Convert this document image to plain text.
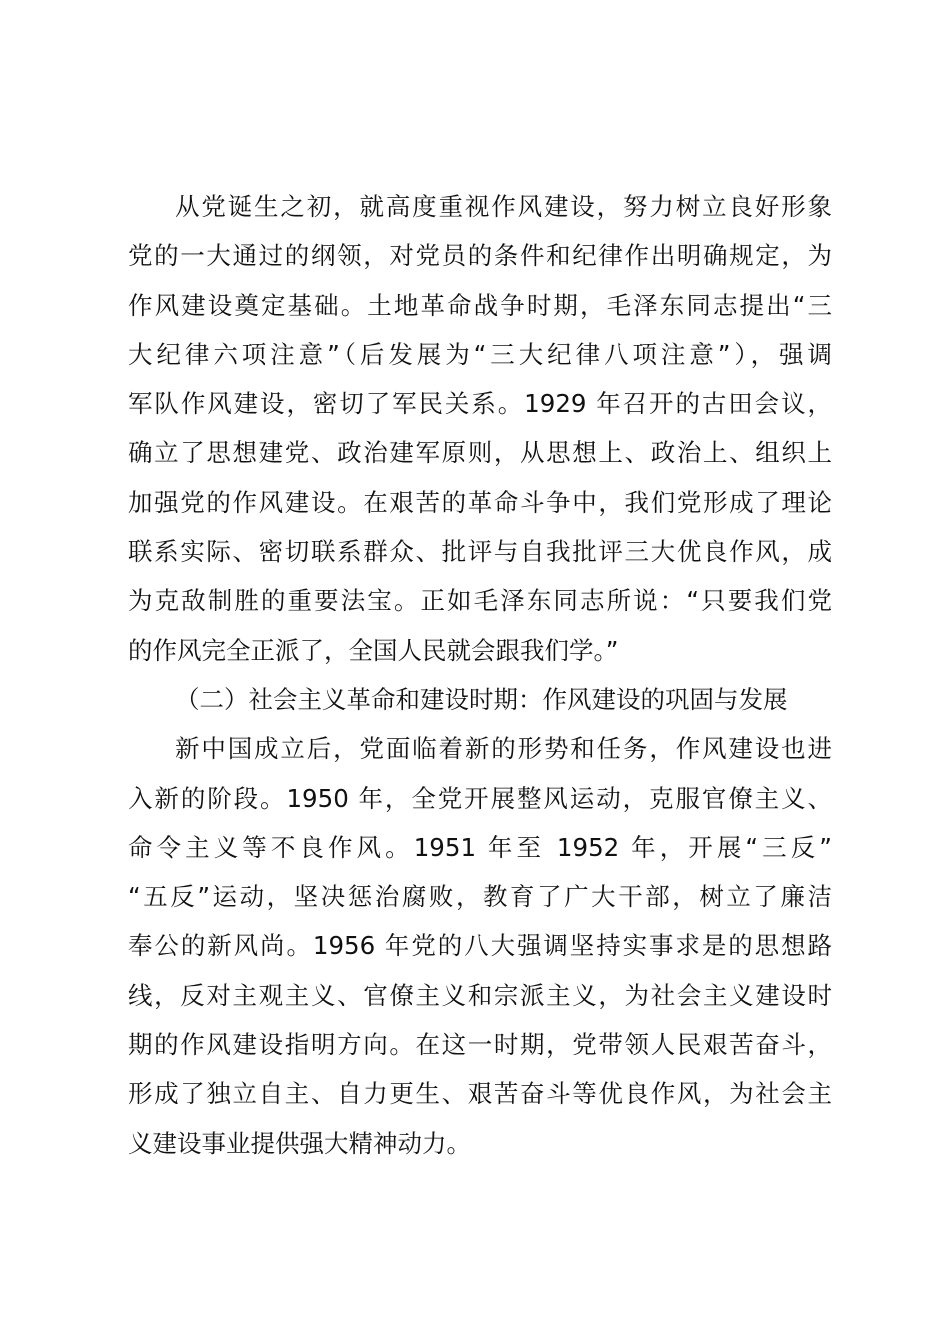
从党诞生之初，就高度重视作风建设，努力树立良好形象
党的一大通过的纲领，对党员的条件和纪律作出明确规定，为
作风建设奠定基础。土地革命战争时期，毛泽东同志提出“三
大纪律六项注意”（后发展为“三大纪律八项注意”），强调
军队作风建设，密切了军民关系。1929 年召开的古田会议，
确立了思想建党、政治建军原则，从思想上、政治上、组织上
加强党的作风建设。在艰苦的革命斗争中，我们党形成了理论
联系实际、密切联系群众、批评与自我批评三大优良作风，成
为克敌制胜的重要法宝。正如毛泽东同志所说：“只要我们党
的作风完全正派了，全国人民就会跟我们学。”
（二）社会主义革命和建设时期：作风建设的巩固与发展
新中国成立后，党面临着新的形势和任务，作风建设也进
入新的阶段。1950 年，全党开展整风运动，克服官僚主义、
命令主义等不良作风。1951 年至 1952 年，开展“三反”
“五反”运动，坚决惩治腐败，教育了广大干部，树立了廉洁
奉公的新风尚。1956 年党的八大强调坚持实事求是的思想路
线，反对主观主义、官僚主义和宗派主义，为社会主义建设时
期的作风建设指明方向。在这一时期，党带领人民艰苦奋斗，
形成了独立自主、自力更生、艰苦奋斗等优良作风，为社会主
义建设事业提供强大精神动力。
